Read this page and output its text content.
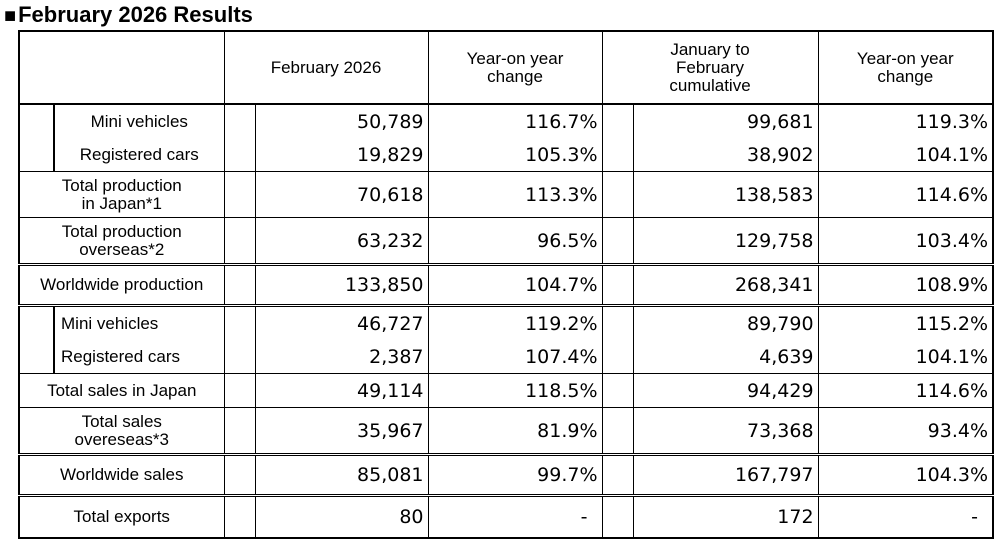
■February 2026 Results
		February 2026		Year-on year change	January to February cumulative		Year-on year change
	Mini vehicles		50,789	116.7%		99,681	119.3%
	Registered cars		19,829	105.3%		38,902	104.1%
Total production
in Japan*1			70,618	113.3%		138,583	114.6%
Total production
overseas*2			63,232	96.5%		129,758	103.4%
Worldwide production			133,850	104.7%		268,341	108.9%
	Mini vehicles		46,727	119.2%		89,790	115.2%
	Registered cars		2,387	107.4%		4,639	104.1%
Total sales in Japan			49,114	118.5%		94,429	114.6%
Total sales
overeseas*3			35,967	81.9%		73,368	93.4%
Worldwide sales			85,081	99.7%		167,797	104.3%
Total exports			80	-		172	-
